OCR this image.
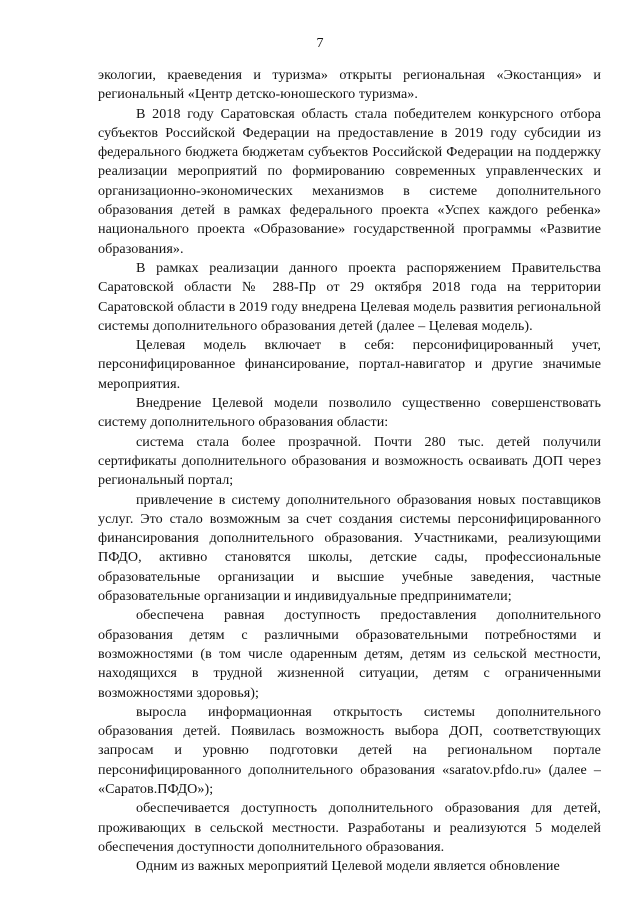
7

экологии, краеведения и туризма» открыты региональная «Экостанция» и региональный «Центр детско-юношеского туризма».

В 2018 году Саратовская область стала победителем конкурсного отбора субъектов Российской Федерации на предоставление в 2019 году субсидии из федерального бюджета бюджетам субъектов Российской Федерации на поддержку реализации мероприятий по формированию современных управленческих и организационно-экономических механизмов в системе дополнительного образования детей в рамках федерального проекта «Успех каждого ребенка» национального проекта «Образование» государственной программы «Развитие образования».

В рамках реализации данного проекта распоряжением Правительства Саратовской области № 288-Пр от 29 октября 2018 года на территории Саратовской области в 2019 году внедрена Целевая модель развития региональной системы дополнительного образования детей (далее – Целевая модель).

Целевая модель включает в себя: персонифицированный учет, персонифицированное финансирование, портал-навигатор и другие значимые мероприятия.

Внедрение Целевой модели позволило существенно совершенствовать систему дополнительного образования области:

система стала более прозрачной. Почти 280 тыс. детей получили сертификаты дополнительного образования и возможность осваивать ДОП через региональный портал;

привлечение в систему дополнительного образования новых поставщиков услуг. Это стало возможным за счет создания системы персонифицированного финансирования дополнительного образования. Участниками, реализующими ПФДО, активно становятся школы, детские сады, профессиональные образовательные организации и высшие учебные заведения, частные образовательные организации и индивидуальные предприниматели;

обеспечена равная доступность предоставления дополнительного образования детям с различными образовательными потребностями и возможностями (в том числе одаренным детям, детям из сельской местности, находящихся в трудной жизненной ситуации, детям с ограниченными возможностями здоровья);

выросла информационная открытость системы дополнительного образования детей. Появилась возможность выбора ДОП, соответствующих запросам и уровню подготовки детей на региональном портале персонифицированного дополнительного образования «saratov.pfdo.ru» (далее – «Саратов.ПФДО»);

обеспечивается доступность дополнительного образования для детей, проживающих в сельской местности. Разработаны и реализуются 5 моделей обеспечения доступности дополнительного образования.

Одним из важных мероприятий Целевой модели является обновление
